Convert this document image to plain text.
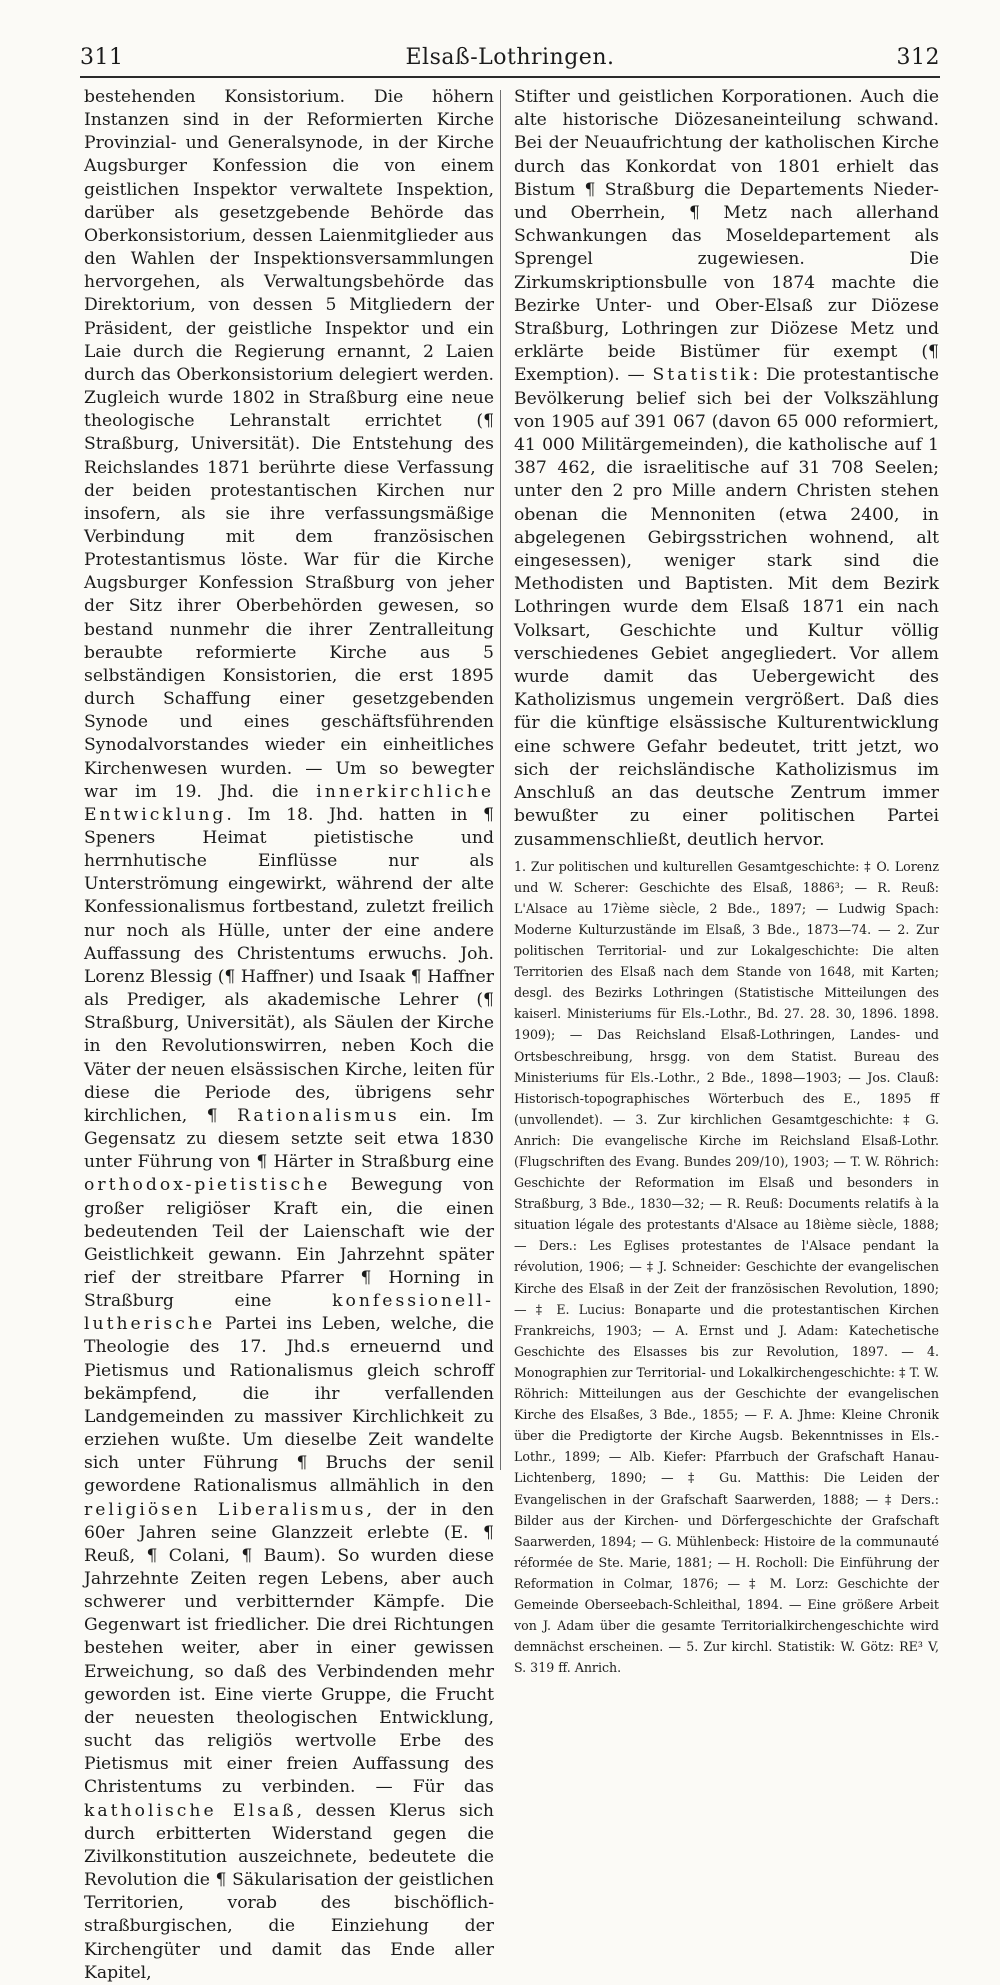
311	Elsaß-Lothringen.	312

bestehenden Konsistorium. Die höhern Instanzen sind in der Reformierten Kirche Provinzial- und Generalsynode, in der Kirche Augsburger Konfession die von einem geistlichen Inspektor verwaltete Inspektion, darüber als gesetzgebende Behörde das Oberkonsistorium, dessen Laienmitglieder aus den Wahlen der Inspektionsversammlungen hervorgehen, als Verwaltungsbehörde das Direktorium, von dessen 5 Mitgliedern der Präsident, der geistliche Inspektor und ein Laie durch die Regierung ernannt, 2 Laien durch das Oberkonsistorium delegiert werden. Zugleich wurde 1802 in Straßburg eine neue theologische Lehranstalt errichtet (¶ Straßburg, Universität). Die Entstehung des Reichslandes 1871 berührte diese Verfassung der beiden protestantischen Kirchen nur insofern, als sie ihre verfassungsmäßige Verbindung mit dem französischen Protestantismus löste. War für die Kirche Augsburger Konfession Straßburg von jeher der Sitz ihrer Oberbehörden gewesen, so bestand nunmehr die ihrer Zentralleitung beraubte reformierte Kirche aus 5 selbständigen Konsistorien, die erst 1895 durch Schaffung einer gesetzgebenden Synode und eines geschäftsführenden Synodalvorstandes wieder ein einheitliches Kirchenwesen wurden. — Um so bewegter war im 19. Jhd. die innerkirchliche Entwicklung. Im 18. Jhd. hatten in ¶ Speners Heimat pietistische und herrnhutische Einflüsse nur als Unterströmung eingewirkt, während der alte Konfessionalismus fortbestand, zuletzt freilich nur noch als Hülle, unter der eine andere Auffassung des Christentums erwuchs. Joh. Lorenz Blessig (¶ Haffner) und Isaak ¶ Haffner als Prediger, als akademische Lehrer (¶ Straßburg, Universität), als Säulen der Kirche in den Revolutionswirren, neben Koch die Väter der neuen elsässischen Kirche, leiten für diese die Periode des, übrigens sehr kirchlichen, ¶ Rationalismus ein. Im Gegensatz zu diesem setzte seit etwa 1830 unter Führung von ¶ Härter in Straßburg eine orthodox-pietistische Bewegung von großer religiöser Kraft ein, die einen bedeutenden Teil der Laienschaft wie der Geistlichkeit gewann. Ein Jahrzehnt später rief der streitbare Pfarrer ¶ Horning in Straßburg eine	konfessionell-lutherische Partei ins Leben, welche, die Theologie des 17. Jhd.s erneuernd und Pietismus und Rationalismus gleich schroff bekämpfend, die ihr verfallenden Landgemeinden zu massiver Kirchlichkeit zu erziehen wußte. Um dieselbe Zeit wandelte sich unter Führung ¶ Bruchs der senil gewordene Rationalismus allmählich in den religiösen Liberalismus, der in den 60er Jahren seine Glanzzeit erlebte (E. ¶ Reuß, ¶ Colani, ¶ Baum). So wurden diese Jahrzehnte Zeiten regen Lebens, aber auch schwerer und verbitternder Kämpfe. Die Gegenwart ist friedlicher. Die drei Richtungen bestehen weiter, aber in einer gewissen Erweichung, so daß des Verbindenden mehr geworden ist. Eine vierte Gruppe, die Frucht der neuesten theologischen Entwicklung, sucht das religiös wertvolle Erbe des Pietismus mit einer freien Auffassung des Christentums zu verbinden. — Für das katholische Elsaß, dessen Klerus sich durch erbitterten Widerstand gegen die Zivilkonstitution auszeichnete, bedeutete die Revolution die ¶ Säkularisation der geistlichen Territorien, vorab des bischöflich-straßburgischen, die Einziehung der Kirchengüter und damit das Ende aller Kapitel,

Stifter und geistlichen Korporationen. Auch die alte historische Diözesaneinteilung schwand. Bei der Neuaufrichtung der katholischen Kirche durch das Konkordat von 1801 erhielt das Bistum ¶ Straßburg die Departements Nieder- und Oberrhein, ¶ Metz nach allerhand Schwankungen das Moseldepartement als Sprengel zugewiesen. Die Zirkumskriptionsbulle von 1874 machte die Bezirke Unter- und Ober-Elsaß zur Diözese Straßburg, Lothringen zur Diözese Metz und erklärte beide Bistümer für exempt (¶ Exemption). — Statistik: Die protestantische Bevölkerung belief sich bei der Volkszählung von 1905 auf 391 067 (davon 65 000 reformiert, 41 000 Militärgemeinden), die katholische auf 1 387 462, die israelitische auf 31 708 Seelen; unter den 2 pro Mille andern Christen stehen obenan die Mennoniten (etwa 2400, in abgelegenen Gebirgsstrichen wohnend, alt eingesessen), weniger stark sind die Methodisten und Baptisten. Mit dem Bezirk Lothringen wurde dem Elsaß 1871 ein nach Volksart, Geschichte und Kultur völlig verschiedenes Gebiet angegliedert. Vor allem wurde damit das Uebergewicht des Katholizismus ungemein vergrößert. Daß dies für die künftige elsässische Kulturentwicklung eine schwere Gefahr bedeutet, tritt jetzt, wo sich der reichsländische Katholizismus im Anschluß an das deutsche Zentrum immer bewußter zu einer politischen Partei zusammenschließt, deutlich hervor.

1. Zur politischen und kulturellen Gesamtgeschichte: ‡ O. Lorenz und W. Scherer: Geschichte des Elsaß, 1886³; — R. Reuß: L'Alsace au 17ième siècle, 2 Bde., 1897; — Ludwig Spach: Moderne Kulturzustände im Elsaß, 3 Bde., 1873—74. — 2. Zur politischen Territorial- und zur Lokalgeschichte: Die alten Territorien des Elsaß nach dem Stande von 1648, mit Karten; desgl. des Bezirks Lothringen (Statistische Mitteilungen des kaiserl. Ministeriums für Els.-Lothr., Bd. 27. 28. 30, 1896. 1898. 1909); — Das Reichsland Elsaß-Lothringen, Landes- und Ortsbeschreibung, hrsgg. von dem Statist. Bureau des Ministeriums für Els.-Lothr., 2 Bde., 1898—1903; — Jos. Clauß: Historisch-topographisches Wörterbuch des E., 1895 ff (unvollendet). — 3. Zur kirchlichen Gesamtgeschichte: ‡ G. Anrich: Die evangelische Kirche im Reichsland Elsaß-Lothr. (Flugschriften des Evang. Bundes 209/10), 1903; — T. W. Röhrich: Geschichte der Reformation im Elsaß und besonders in Straßburg, 3 Bde., 1830—32; — R. Reuß: Documents relatifs à la situation légale des protestants d'Alsace au 18ième siècle, 1888; — Ders.: Les Eglises protestantes de l'Alsace pendant la révolution, 1906; — ‡ J. Schneider: Geschichte der evangelischen Kirche des Elsaß in der Zeit der französischen Revolution, 1890; — ‡ E. Lucius: Bonaparte und die protestantischen Kirchen Frankreichs, 1903; — A. Ernst und J. Adam: Katechetische Geschichte des Elsasses bis zur Revolution, 1897. — 4. Monographien zur Territorial- und Lokalkirchengeschichte: ‡ T. W. Röhrich: Mitteilungen aus der Geschichte der evangelischen Kirche des Elsaßes, 3 Bde., 1855; — F. A. Jhme: Kleine Chronik über die Predigtorte der Kirche Augsb. Bekenntnisses in Els.-Lothr., 1899; — Alb. Kiefer: Pfarrbuch der Grafschaft Hanau-Lichtenberg, 1890; — ‡ Gu. Matthis: Die Leiden der Evangelischen in der Grafschaft Saarwerden, 1888; — ‡ Ders.: Bilder aus der Kirchen- und Dörfergeschichte der Grafschaft Saarwerden, 1894; — G. Mühlenbeck: Histoire de la communauté réformée de Ste. Marie, 1881; — H. Rocholl: Die Einführung der Reformation in Colmar, 1876; — ‡ M. Lorz: Geschichte der Gemeinde Oberseebach-Schleithal, 1894. — Eine größere Arbeit von J. Adam über die gesamte Territorialkirchengeschichte wird demnächst erscheinen. — 5. Zur kirchl. Statistik: W. Götz: RE³ V, S. 319 ff. Anrich.
